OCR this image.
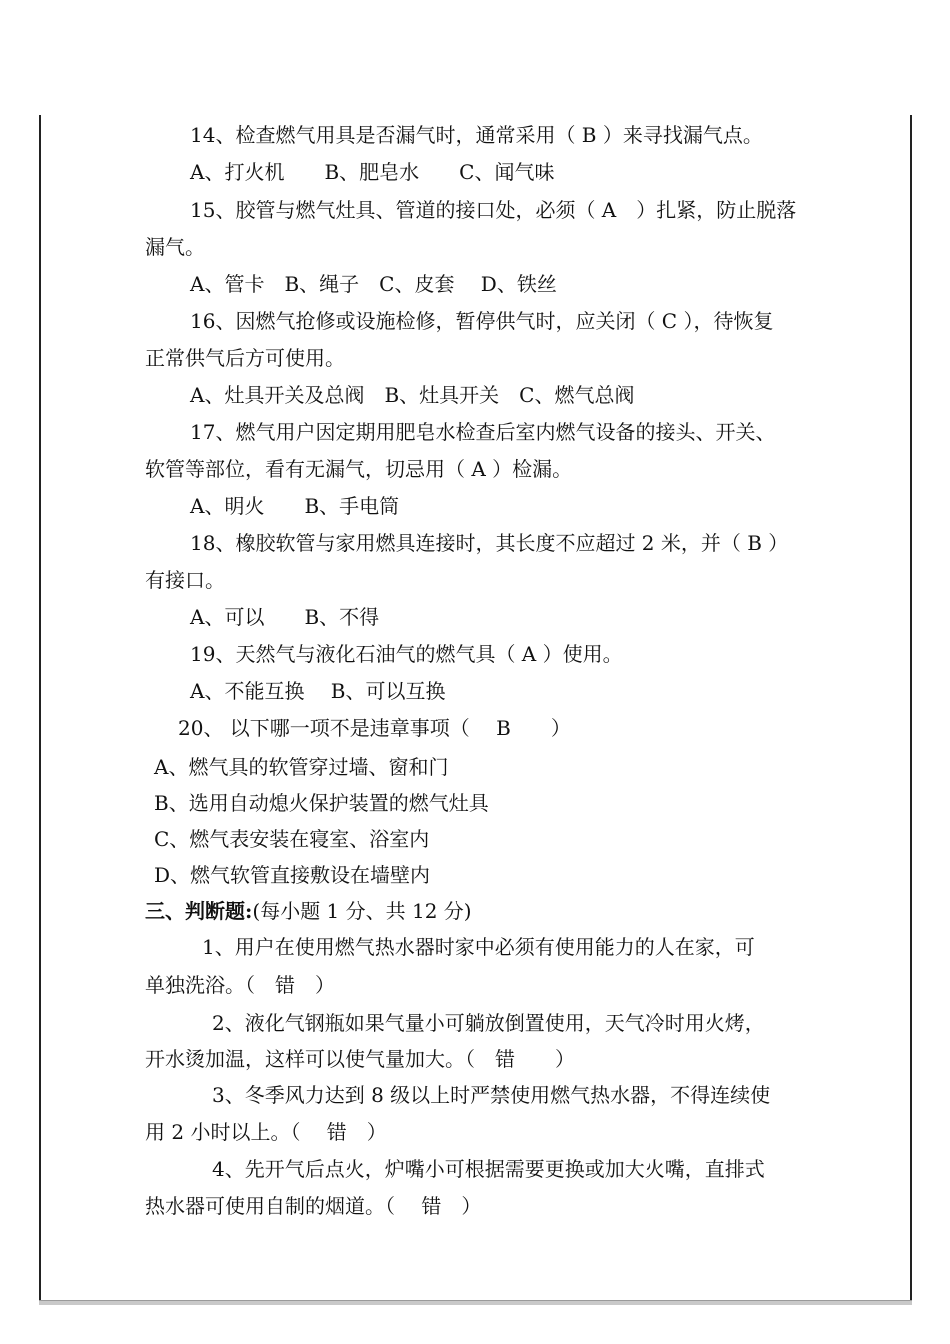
14、检查燃气用具是否漏气时，通常采用（ B ）来寻找漏气点。
A、打火机　　B、肥皂水　　C、闻气味
15、胶管与燃气灶具、管道的接口处，必须（ A　）扎紧，防止脱落
漏气。
A、管卡　B、绳子　C、皮套　 D、铁丝
16、因燃气抢修或设施检修，暂停供气时，应关闭（ C ），待恢复
正常供气后方可使用。
A、灶具开关及总阀　B、灶具开关　C、燃气总阀
17、燃气用户因定期用肥皂水检查后室内燃气设备的接头、开关、
软管等部位，看有无漏气，切忌用（ A ）检漏。
A、明火　　B、手电筒
18、橡胶软管与家用燃具连接时，其长度不应超过 2 米，并（ B ）
有接口。
A、可以　　B、不得
19、天然气与液化石油气的燃气具（ A ）使用。
A、不能互换　 B、可以互换
20、 以下哪一项不是违章事项（　 B　　）
A、燃气具的软管穿过墙、窗和门
B、选用自动熄火保护装置的燃气灶具
C、燃气表安装在寝室、浴室内
D、燃气软管直接敷设在墙壁内
三、判断题:(每小题 1 分、共 12 分)
1、用户在使用燃气热水器时家中必须有使用能力的人在家，可
单独洗浴。（　错　）
2、液化气钢瓶如果气量小可躺放倒置使用，天气冷时用火烤，
开水烫加温，这样可以使气量加大。（　错　　）
3、冬季风力达到 8 级以上时严禁使用燃气热水器，不得连续使
用 2 小时以上。（　 错　）
4、先开气后点火，炉嘴小可根据需要更换或加大火嘴，直排式
热水器可使用自制的烟道。（　 错　）
